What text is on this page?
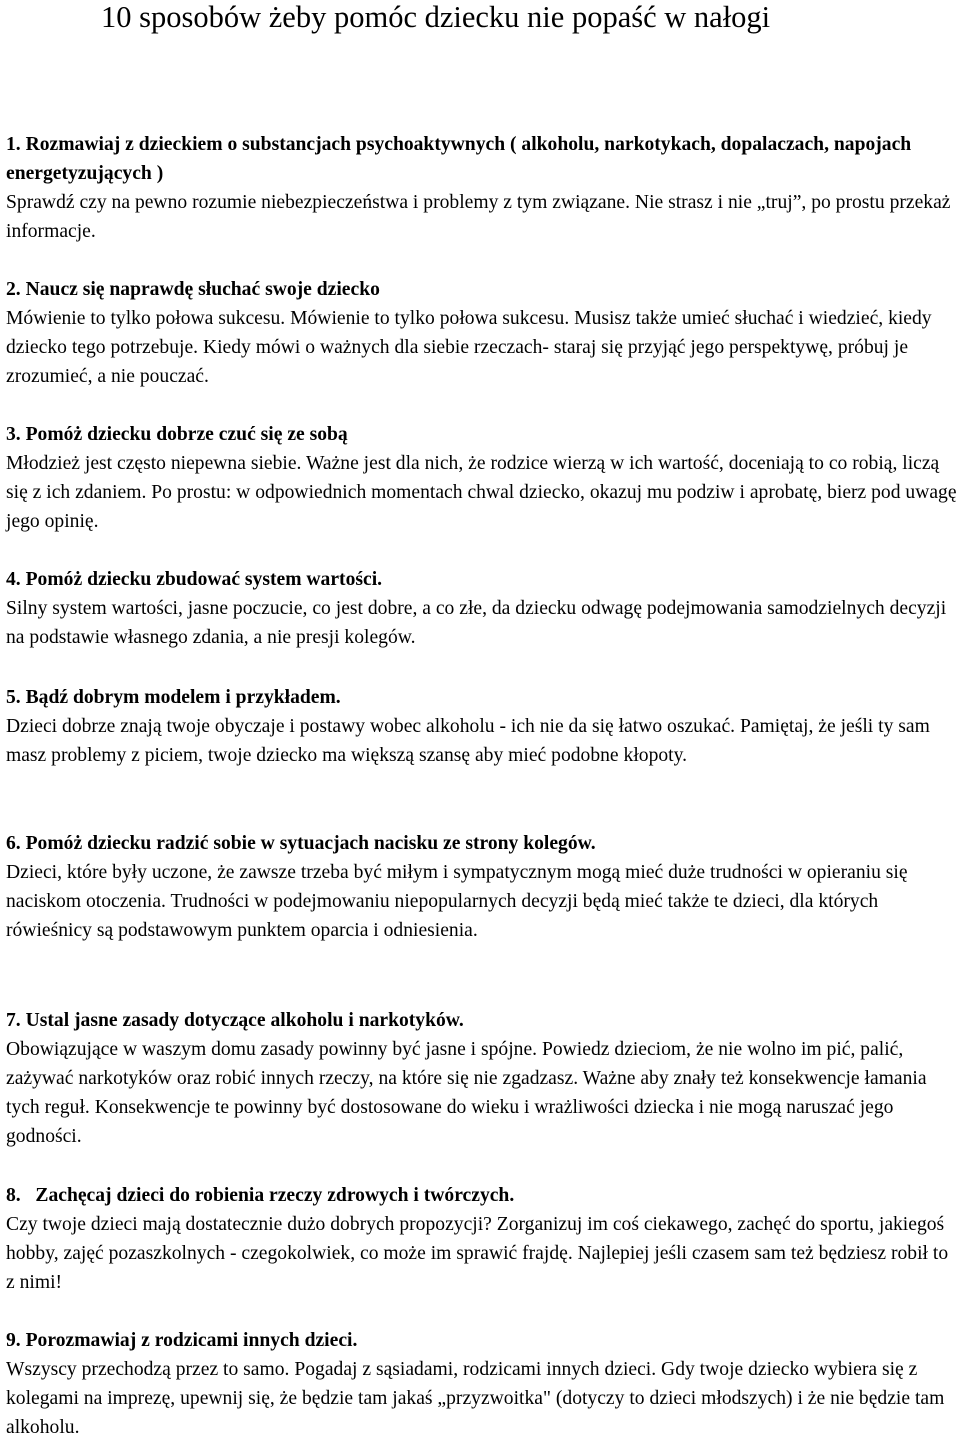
10 sposobów żeby pomóc dziecku nie popaść w nałogi

1. Rozmawiaj z dzieckiem o substancjach psychoaktywnych ( alkoholu, narkotykach, dopalaczach, napojach energetyzujących )

Sprawdź czy na pewno rozumie niebezpieczeństwa i problemy z tym związane. Nie strasz i nie „truj”, po prostu przekaż informacje.

2. Naucz się naprawdę słuchać swoje dziecko

Mówienie to tylko połowa sukcesu. Mówienie to tylko połowa sukcesu. Musisz także umieć słuchać i wiedzieć, kiedy dziecko tego potrzebuje. Kiedy mówi o ważnych dla siebie rzeczach- staraj się przyjąć jego perspektywę, próbuj je zrozumieć, a nie pouczać.

3. Pomóż dziecku dobrze czuć się ze sobą

Młodzież jest często niepewna siebie. Ważne jest dla nich, że rodzice wierzą w ich wartość, doceniają to co robią, liczą się z ich zdaniem. Po prostu: w odpowiednich momentach chwal dziecko, okazuj mu podziw i aprobatę, bierz pod uwagę jego opinię.

4. Pomóż dziecku zbudować system wartości.

Silny system wartości, jasne poczucie, co jest dobre, a co złe, da dziecku odwagę podejmowania samodzielnych decyzji na podstawie własnego zdania, a nie presji kolegów.

5. Bądź dobrym modelem i przykładem.

Dzieci dobrze znają twoje obyczaje i postawy wobec alkoholu - ich nie da się łatwo oszukać. Pamiętaj, że jeśli ty sam masz problemy z piciem, twoje dziecko ma większą szansę aby mieć podobne kłopoty.

6. Pomóż dziecku radzić sobie w sytuacjach nacisku ze strony kolegów.

Dzieci, które były uczone, że zawsze trzeba być miłym i sympatycznym mogą mieć duże trudności w opieraniu się naciskom otoczenia. Trudności w podejmowaniu niepopularnych decyzji będą mieć także te dzieci, dla których rówieśnicy są podstawowym punktem oparcia i odniesienia.

7. Ustal jasne zasady dotyczące alkoholu i narkotyków.

Obowiązujące w waszym domu zasady powinny być jasne i spójne. Powiedz dzieciom, że nie wolno im pić, palić, zażywać narkotyków oraz robić innych rzeczy, na które się nie zgadzasz. Ważne aby znały też konsekwencje łamania tych reguł. Konsekwencje te powinny być dostosowane do wieku i wrażliwości dziecka i nie mogą naruszać jego godności.

8.   Zachęcaj dzieci do robienia rzeczy zdrowych i twórczych.

Czy twoje dzieci mają dostatecznie dużo dobrych propozycji? Zorganizuj im coś ciekawego, zachęć do sportu, jakiegoś hobby, zajęć pozaszkolnych - czegokolwiek, co może im sprawić frajdę. Najlepiej jeśli czasem sam też będziesz robił to z nimi!

9. Porozmawiaj z rodzicami innych dzieci.

Wszyscy przechodzą przez to samo. Pogadaj z sąsiadami, rodzicami innych dzieci. Gdy twoje dziecko wybiera się z kolegami na imprezę, upewnij się, że będzie tam jakaś „przyzwoitka" (dotyczy to dzieci młodszych) i że nie będzie tam alkoholu.
